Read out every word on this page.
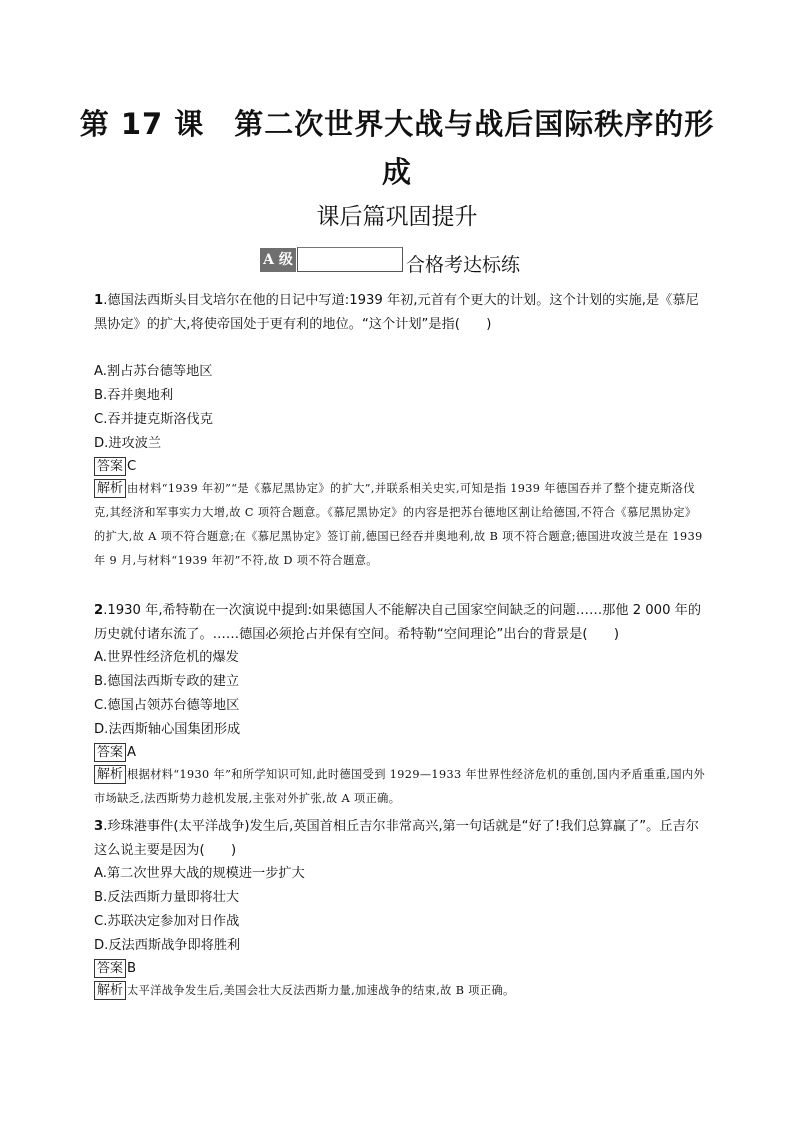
第 17 课　第二次世界大战与战后国际秩序的形成
课后篇巩固提升
A 级	合格考达标练

1.德国法西斯头目戈培尔在他的日记中写道:1939 年初,元首有个更大的计划。这个计划的实施,是《慕尼黑协定》的扩大,将使帝国处于更有利的地位。“这个计划”是指(　　)

A.割占苏台德等地区

B.吞并奥地利

C.吞并捷克斯洛伐克

D.进攻波兰

答案 C

解析 由材料“1939 年初”“是《慕尼黑协定》的扩大”,并联系相关史实,可知是指 1939 年德国吞并了整个捷克斯洛伐克,其经济和军事实力大增,故 C 项符合题意。《慕尼黑协定》的内容是把苏台德地区割让给德国,不符合《慕尼黑协定》的扩大,故 A 项不符合题意;在《慕尼黑协定》签订前,德国已经吞并奥地利,故 B 项不符合题意;德国进攻波兰是在 1939 年 9 月,与材料“1939 年初”不符,故 D 项不符合题意。

2.1930 年,希特勒在一次演说中提到:如果德国人不能解决自己国家空间缺乏的问题……那他 2 000 年的历史就付诸东流了。……德国必须抢占并保有空间。希特勒“空间理论”出台的背景是(　　)

A.世界性经济危机的爆发

B.德国法西斯专政的建立

C.德国占领苏台德等地区

D.法西斯轴心国集团形成

答案 A

解析 根据材料“1930 年”和所学知识可知,此时德国受到 1929—1933 年世界性经济危机的重创,国内矛盾重重,国内外市场缺乏,法西斯势力趁机发展,主张对外扩张,故 A 项正确。

3.珍珠港事件(太平洋战争)发生后,英国首相丘吉尔非常高兴,第一句话就是“好了!我们总算赢了”。丘吉尔这么说主要是因为(　　)

A.第二次世界大战的规模进一步扩大

B.反法西斯力量即将壮大

C.苏联决定参加对日作战

D.反法西斯战争即将胜利

答案 B

解析 太平洋战争发生后,美国会壮大反法西斯力量,加速战争的结束,故 B 项正确。
